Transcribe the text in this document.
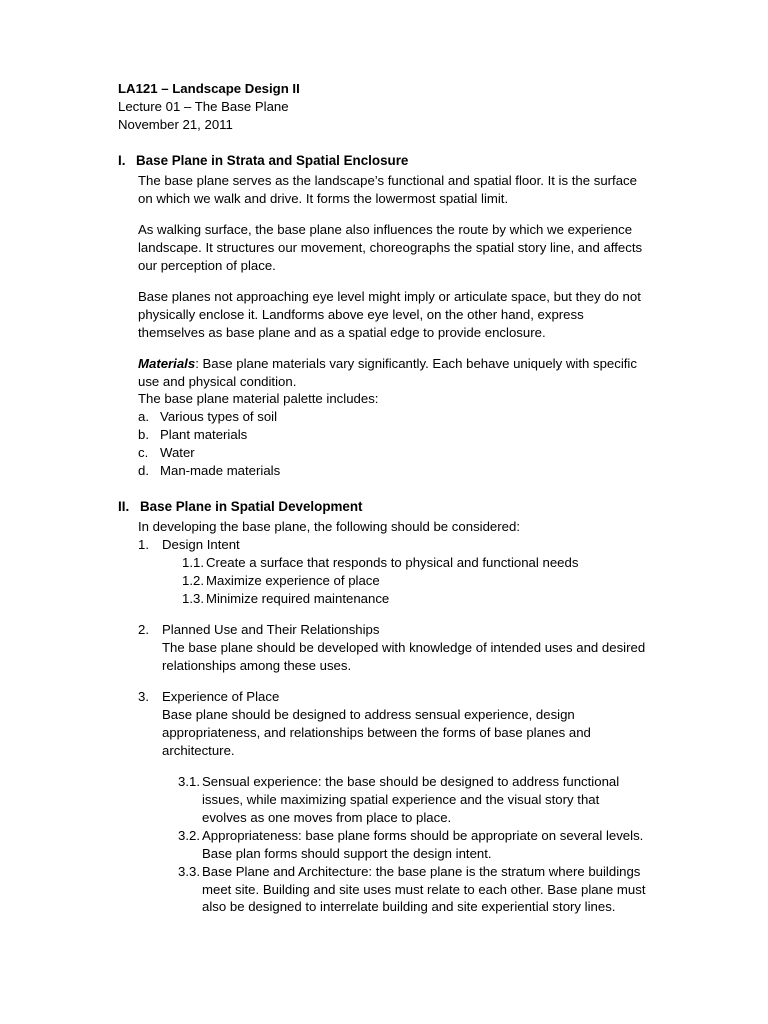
LA121 – Landscape Design II
Lecture 01 – The Base Plane
November 21, 2011
I. Base Plane in Strata and Spatial Enclosure

The base plane serves as the landscape’s functional and spatial floor. It is the surface on which we walk and drive. It forms the lowermost spatial limit.

As walking surface, the base plane also influences the route by which we experience landscape. It structures our movement, choreographs the spatial story line, and affects our perception of place.

Base planes not approaching eye level might imply or articulate space, but they do not physically enclose it. Landforms above eye level, on the other hand, express themselves as base plane and as a spatial edge to provide enclosure.

Materials: Base plane materials vary significantly. Each behave uniquely with specific use and physical condition.

The base plane material palette includes:
a. Various types of soil
b. Plant materials
c. Water
d. Man-made materials
II. Base Plane in Spatial Development
In developing the base plane, the following should be considered:
1. Design Intent
1.1. Create a surface that responds to physical and functional needs
1.2. Maximize experience of place
1.3. Minimize required maintenance
2. Planned Use and Their Relationships
The base plane should be developed with knowledge of intended uses and desired relationships among these uses.
3. Experience of Place
Base plane should be designed to address sensual experience, design appropriateness, and relationships between the forms of base planes and architecture.
3.1. Sensual experience: the base should be designed to address functional issues, while maximizing spatial experience and the visual story that evolves as one moves from place to place.
3.2. Appropriateness: base plane forms should be appropriate on several levels. Base plan forms should support the design intent.
3.3. Base Plane and Architecture: the base plane is the stratum where buildings meet site. Building and site uses must relate to each other. Base plane must also be designed to interrelate building and site experiential story lines.
